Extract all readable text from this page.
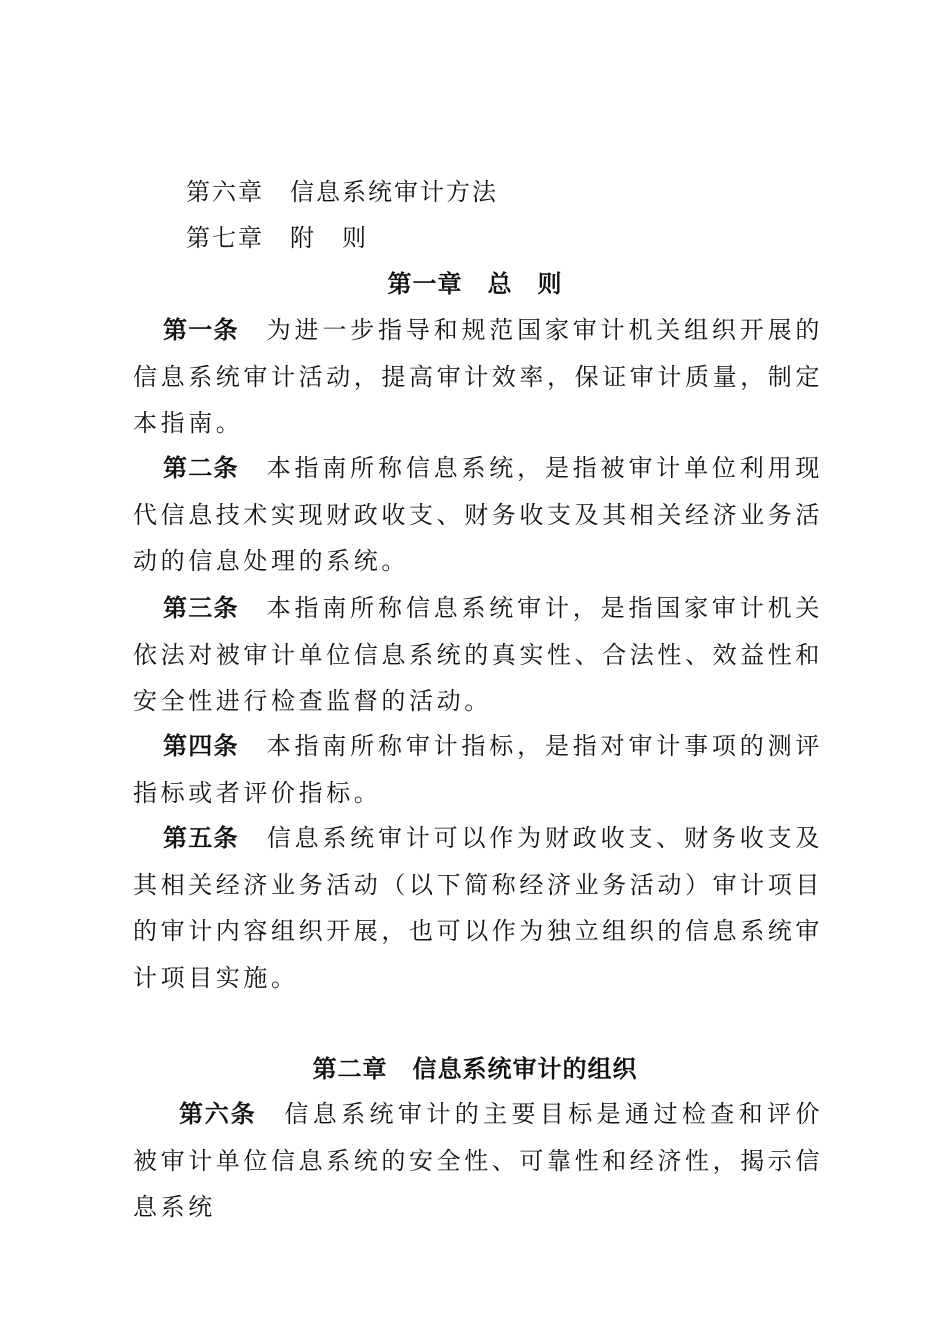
第六章　 信息系统审计方法
第七章　 附　则
第一章　总　则
第一条 为进一步指导和规范国家审计机关组织开展的信息系统审计活动，提高审计效率，保证审计质量，制定本指南。
第二条 本指南所称信息系统，是指被审计单位利用现代信息技术实现财政收支、财务收支及其相关经济业务活动的信息处理的系统。
第三条 本指南所称信息系统审计，是指国家审计机关依法对被审计单位信息系统的真实性、合法性、效益性和安全性进行检查监督的活动。
第四条 本指南所称审计指标，是指对审计事项的测评指标或者评价指标。
第五条 信息系统审计可以作为财政收支、财务收支及其相关经济业务活动（以下简称经济业务活动）审计项目的审计内容组织开展，也可以作为独立组织的信息系统审计项目实施。
第二章　信息系统审计的组织
第六条 信息系统审计的主要目标是通过检查和评价被审计单位信息系统的安全性、可靠性和经济性，揭示信息系统
